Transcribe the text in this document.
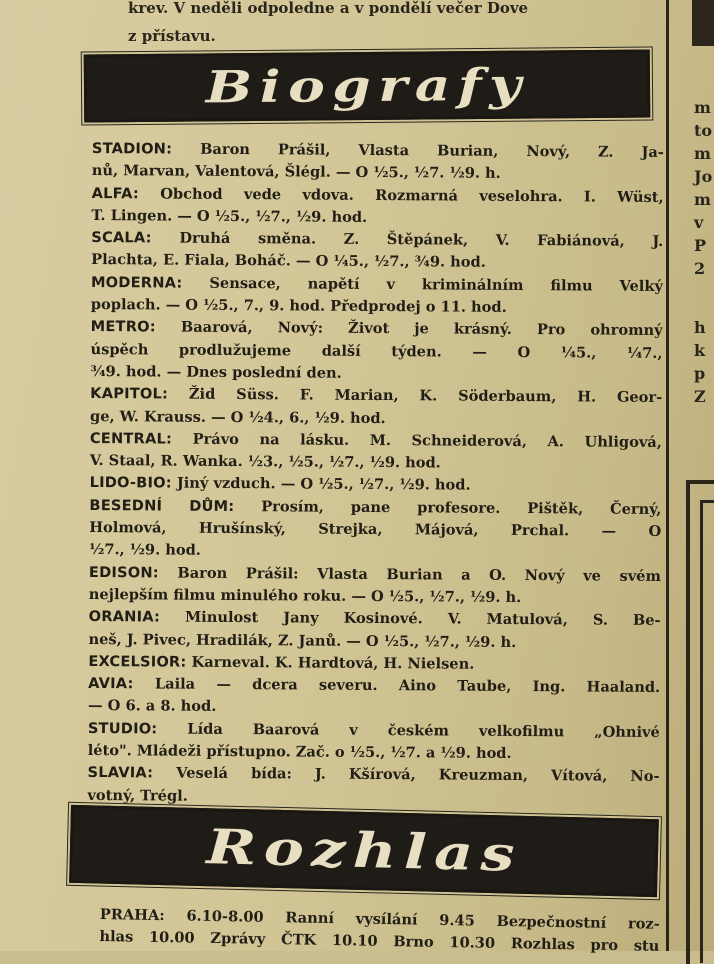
krev. V neděli odpoledne a v pondělí večer Dove
z přístavu.
Biografy
STADION: Baron Prášil, Vlasta Burian, Nový, Z. Ja-
nů, Marvan, Valentová, Šlégl. — O ½5., ½7. ½9. h.
ALFA: Obchod vede vdova. Rozmarná veselohra. I. Wüst,
T. Lingen. — O ½5., ½7., ½9. hod.
SCALA: Druhá směna. Z. Štěpánek, V. Fabiánová, J.
Plachta, E. Fiala, Boháč. — O ¼5., ½7., ¾9. hod.
MODERNA: Sensace, napětí v kriminálním filmu Velký
poplach. — O ½5., 7., 9. hod. Předprodej o 11. hod.
METRO: Baarová, Nový: Život je krásný. Pro ohromný
úspěch prodlužujeme další týden. — O ¼5., ¼7.,
¾9. hod. — Dnes poslední den.
KAPITOL: Žid Süss. F. Marian, K. Söderbaum, H. Geor-
ge, W. Krauss. — O ½4., 6., ½9. hod.
CENTRAL: Právo na lásku. M. Schneiderová, A. Uhligová,
V. Staal, R. Wanka. ½3., ½5., ½7., ½9. hod.
LIDO-BIO: Jiný vzduch. — O ½5., ½7., ½9. hod.
BESEDNÍ DŮM: Prosím, pane profesore. Pištěk, Černý,
Holmová, Hrušínský, Strejka, Májová, Prchal. — O
½7., ½9. hod.
EDISON: Baron Prášil: Vlasta Burian a O. Nový ve svém
nejlepším filmu minulého roku. — O ½5., ½7., ½9. h.
ORANIA: Minulost Jany Kosinové. V. Matulová, S. Be-
neš, J. Pivec, Hradilák, Z. Janů. — O ½5., ½7., ½9. h.
EXCELSIOR: Karneval. K. Hardtová, H. Nielsen.
AVIA: Laila — dcera severu. Aino Taube, Ing. Haaland.
— O 6. a 8. hod.
STUDIO: Lída Baarová v českém velkofilmu „Ohnivé
léto". Mládeži přístupno. Zač. o ½5., ½7. a ½9. hod.
SLAVIA: Veselá bída: J. Kšírová, Kreuzman, Vítová, No-
votný, Trégl.
Rozhlas
PRAHA: 6.10-8.00 Ranní vysílání 9.45 Bezpečnostní roz-
hlas 10.00 Zprávy ČTK 10.10 Brno 10.30 Rozhlas pro stu
m
to
m
Jo
m
v
P
2
h
k
p
Z
